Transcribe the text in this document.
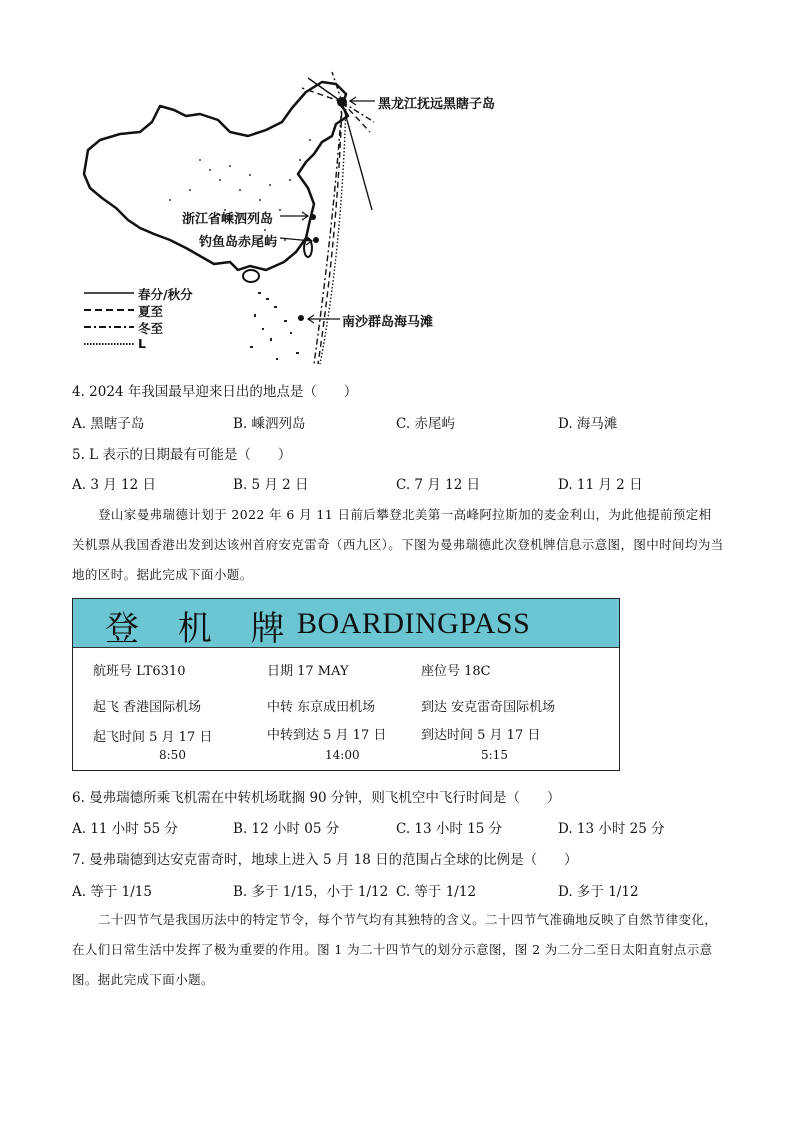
黑龙江抚远黑瞎子岛
浙江省嵊泗列岛
钓鱼岛赤尾屿
南沙群岛海马滩
春分/秋分
夏至
冬至
L
4. 2024 年我国最早迎来日出的地点是（　　）
A. 黑瞎子岛	B. 嵊泗列岛	C. 赤尾屿	D. 海马滩
5. L 表示的日期最有可能是（　　）
A. 3 月 12 日	B. 5 月 2 日	C. 7 月 12 日	D. 11 月 2 日
登山家曼弗瑞德计划于 2022 年 6 月 11 日前后攀登北美第一高峰阿拉斯加的麦金利山，为此他提前预定相关机票从我国香港出发到达该州首府安克雷奇（西九区）。下图为曼弗瑞德此次登机牌信息示意图，图中时间均为当地的区时。据此完成下面小题。
登 机 牌
BOARDINGPASS
航班号 LT6310	日期 17 MAY	座位号 18C
起飞 香港国际机场	中转 东京成田机场	到达 安克雷奇国际机场
起飞时间 5 月 17 日	中转到达 5 月 17 日	到达时间 5 月 17 日
8:50	14:00	5:15
6. 曼弗瑞德所乘飞机需在中转机场耽搁 90 分钟，则飞机空中飞行时间是（　　）
A. 11 小时 55 分	B. 12 小时 05 分	C. 13 小时 15 分	D. 13 小时 25 分
7. 曼弗瑞德到达安克雷奇时，地球上进入 5 月 18 日的范围占全球的比例是（　　）
A. 等于 1/15	B. 多于 1/15，小于 1/12 C. 等于 1/12	D. 多于 1/12
二十四节气是我国历法中的特定节令，每个节气均有其独特的含义。二十四节气准确地反映了自然节律变化，在人们日常生活中发挥了极为重要的作用。图 1 为二十四节气的划分示意图，图 2 为二分二至日太阳直射点示意图。据此完成下面小题。
